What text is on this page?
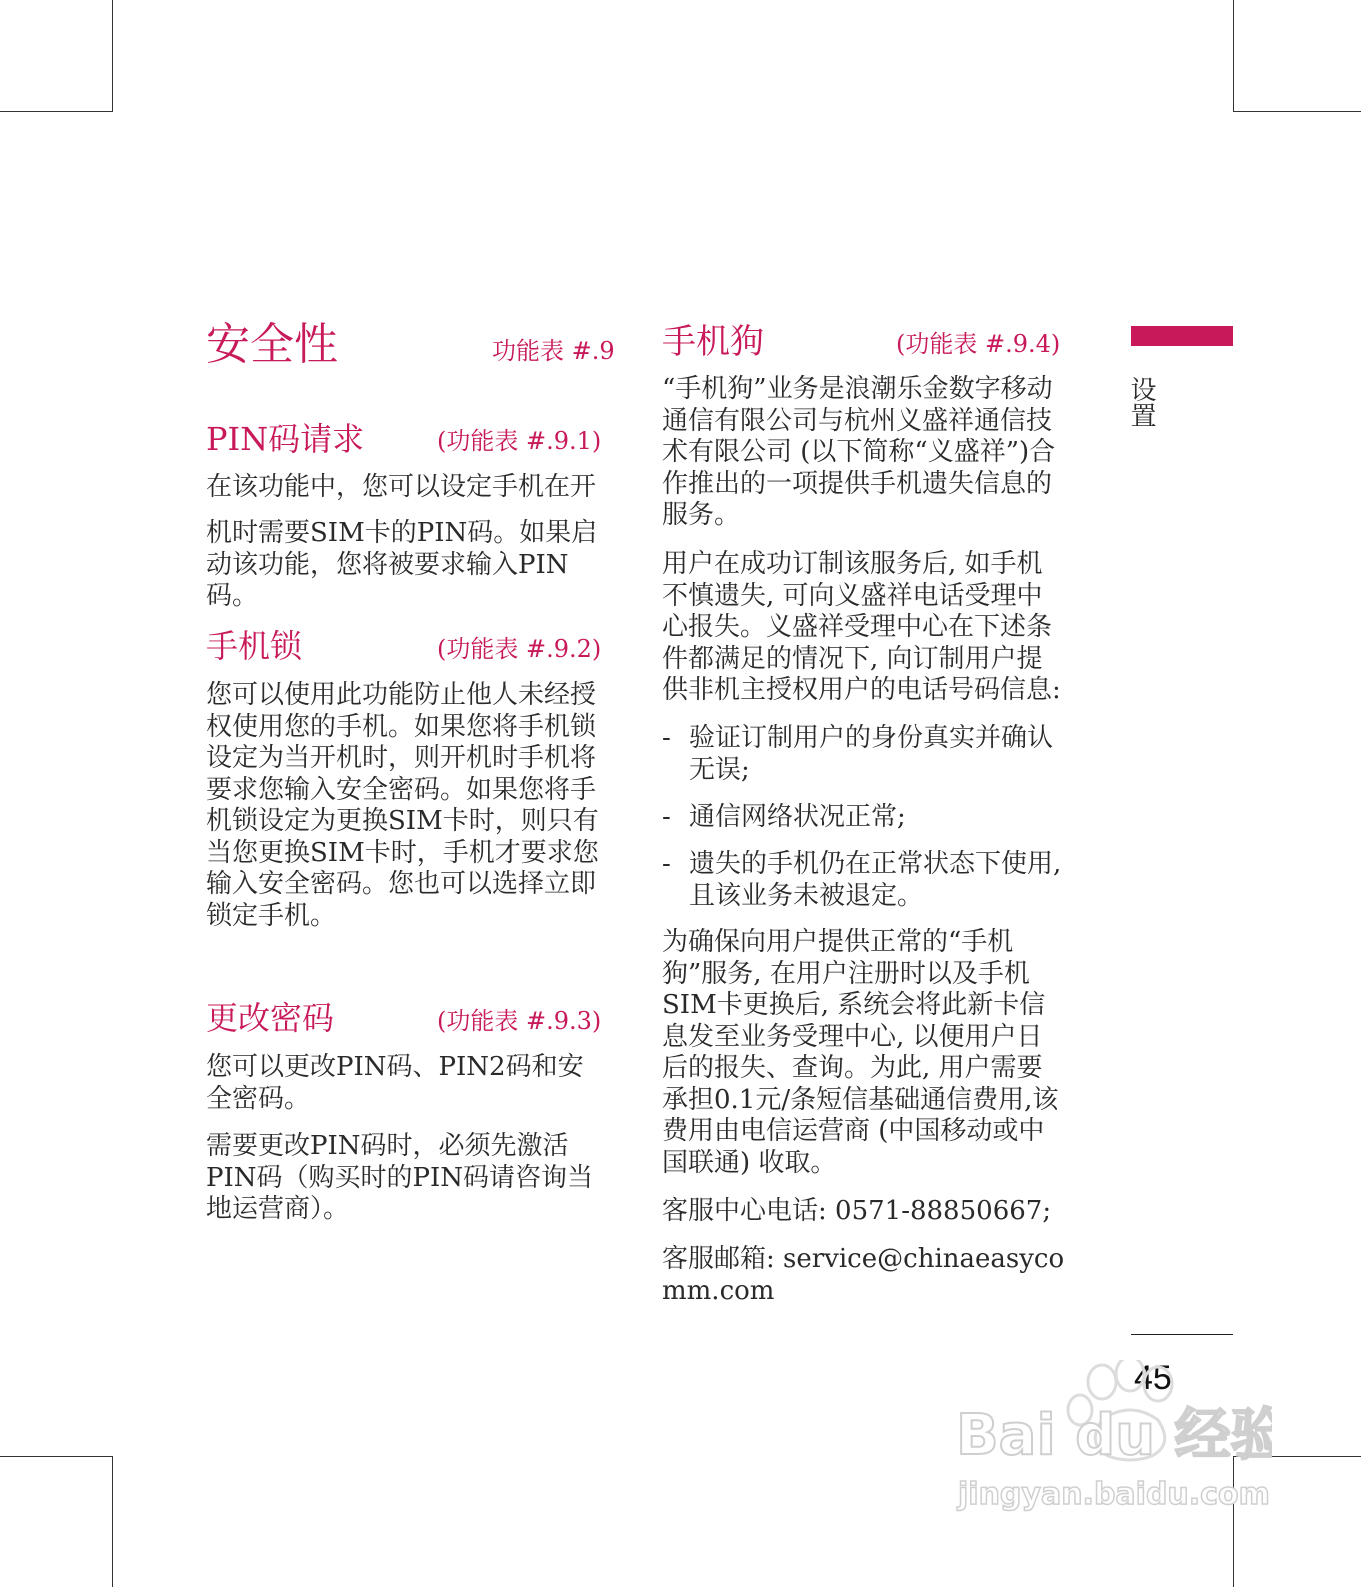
安全性	功能表 #.9
PIN码请求	(功能表 #.9.1)

在该功能中，您可以设定手机在开

机时需要SIM卡的PIN码。如果启动该功能，您将被要求输入PIN码。

手机锁	(功能表 #.9.2)

您可以使用此功能防止他人未经授权使用您的手机。如果您将手机锁设定为当开机时，则开机时手机将要求您输入安全密码。如果您将手机锁设定为更换SIM卡时，则只有当您更换SIM卡时，手机才要求您输入安全密码。您也可以选择立即锁定手机。

更改密码	(功能表 #.9.3)

您可以更改PIN码、PIN2码和安全密码。

需要更改PIN码时，必须先激活PIN码（购买时的PIN码请咨询当地运营商）。

手机狗	(功能表 #.9.4)

“手机狗”业务是浪潮乐金数字移动通信有限公司与杭州义盛祥通信技术有限公司 (以下简称“义盛祥”)合作推出的一项提供手机遗失信息的服务。

用户在成功订制该服务后, 如手机不慎遗失, 可向义盛祥电话受理中心报失。义盛祥受理中心在下述条件都满足的情况下, 向订制用户提供非机主授权用户的电话号码信息:

- 验证订制用户的身份真实并确认无误;
- 通信网络状况正常;
- 遗失的手机仍在正常状态下使用,且该业务未被退定。

为确保向用户提供正常的“手机狗”服务, 在用户注册时以及手机SIM卡更换后, 系统会将此新卡信息发至业务受理中心, 以便用户日后的报失、查询。为此, 用户需要承担0.1元/条短信基础通信费用,该费用由电信运营商 (中国移动或中国联通) 收取。

客服中心电话: 0571-88850667;

客服邮箱: service@chinaeasycomm.com

设置
45
Bai du 经验
jingyan.baidu.com
